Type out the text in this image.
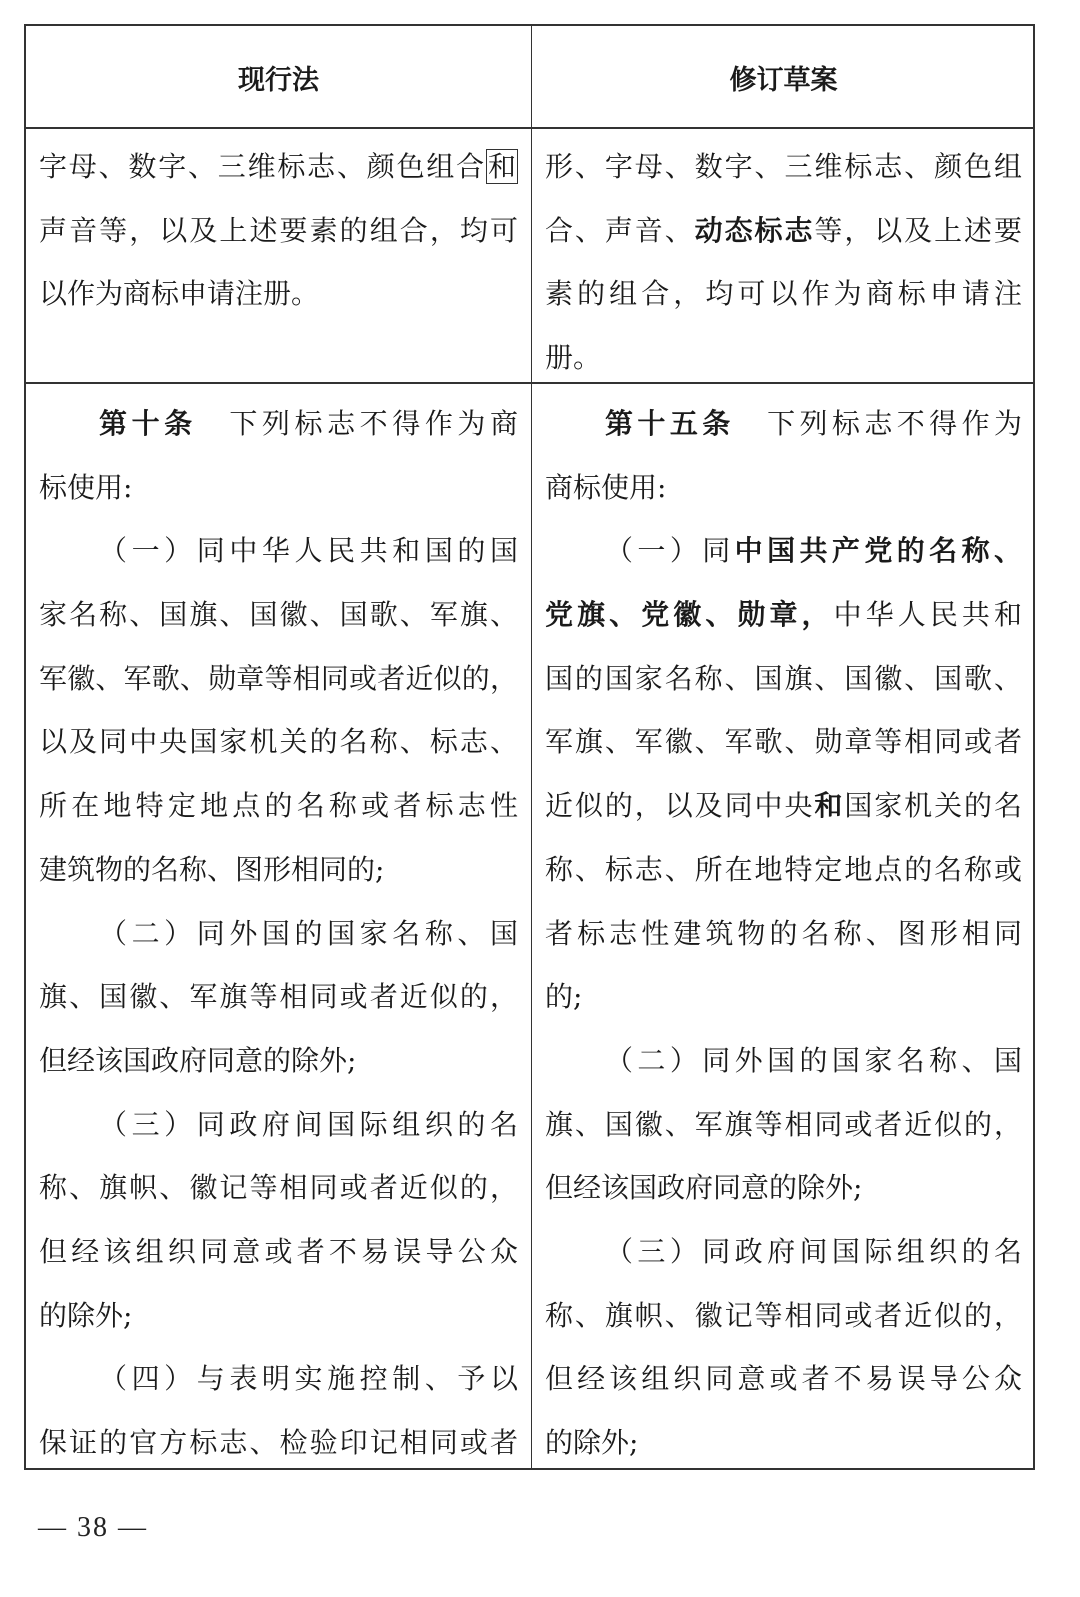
现行法	修订草案
字母、数字、三维标志、颜色组合和
声音等，以及上述要素的组合，均可
以作为商标申请注册。
形、字母、数字、三维标志、颜色组
合、声音、动态标志等，以及上述要
素的组合，均可以作为商标申请注
册。
第十条　下列标志不得作为商
标使用:
（一）同中华人民共和国的国
家名称、国旗、国徽、国歌、军旗、
军徽、军歌、勋章等相同或者近似的，
以及同中央国家机关的名称、标志、
所在地特定地点的名称或者标志性
建筑物的名称、图形相同的;
（二）同外国的国家名称、国
旗、国徽、军旗等相同或者近似的，
但经该国政府同意的除外;
（三）同政府间国际组织的名
称、旗帜、徽记等相同或者近似的，
但经该组织同意或者不易误导公众
的除外;
（四）与表明实施控制、予以
保证的官方标志、检验印记相同或者
第十五条　下列标志不得作为
商标使用:
（一）同中国共产党的名称、
党旗、党徽、勋章，中华人民共和
国的国家名称、国旗、国徽、国歌、
军旗、军徽、军歌、勋章等相同或者
近似的，以及同中央和国家机关的名
称、标志、所在地特定地点的名称或
者标志性建筑物的名称、图形相同
的;
（二）同外国的国家名称、国
旗、国徽、军旗等相同或者近似的，
但经该国政府同意的除外;
（三）同政府间国际组织的名
称、旗帜、徽记等相同或者近似的，
但经该组织同意或者不易误导公众
的除外;
— 38 —
